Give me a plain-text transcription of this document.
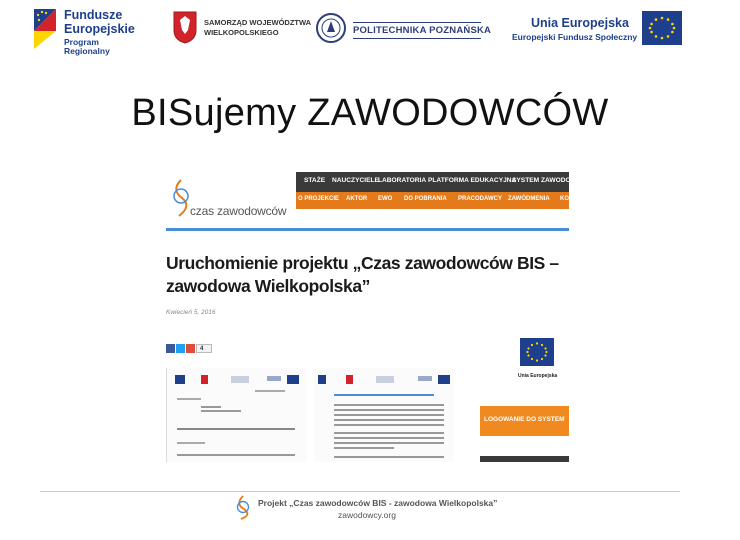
Fundusze
Europejskie
Program Regionalny
SAMORZĄD WOJEWÓDZTWA
WIELKOPOLSKIEGO	POLITECHNIKA POZNAŃSKA
Unia Europejska
Europejski Fundusz Społeczny
BISujemy ZAWODOWCÓW
czas zawodowców
STAŻE NAUCZYCIELE LABORATORIA PLATFORMA EDUKACYJNA
SYSTEM ZAWODOW
O PROJEKCIE AKTOR EWO DO POBRANIA PRACODAWCY ZAWÓDMENIA KO
Uruchomienie projektu „Czas zawodowców BIS –
zawodowa Wielkopolska”
Kwiecień 5, 2016
4
Unia Europejska
LOGOWANIE DO SYSTEM
Projekt „Czas zawodowców BIS - zawodowa Wielkopolska”
zawodowcy.org
